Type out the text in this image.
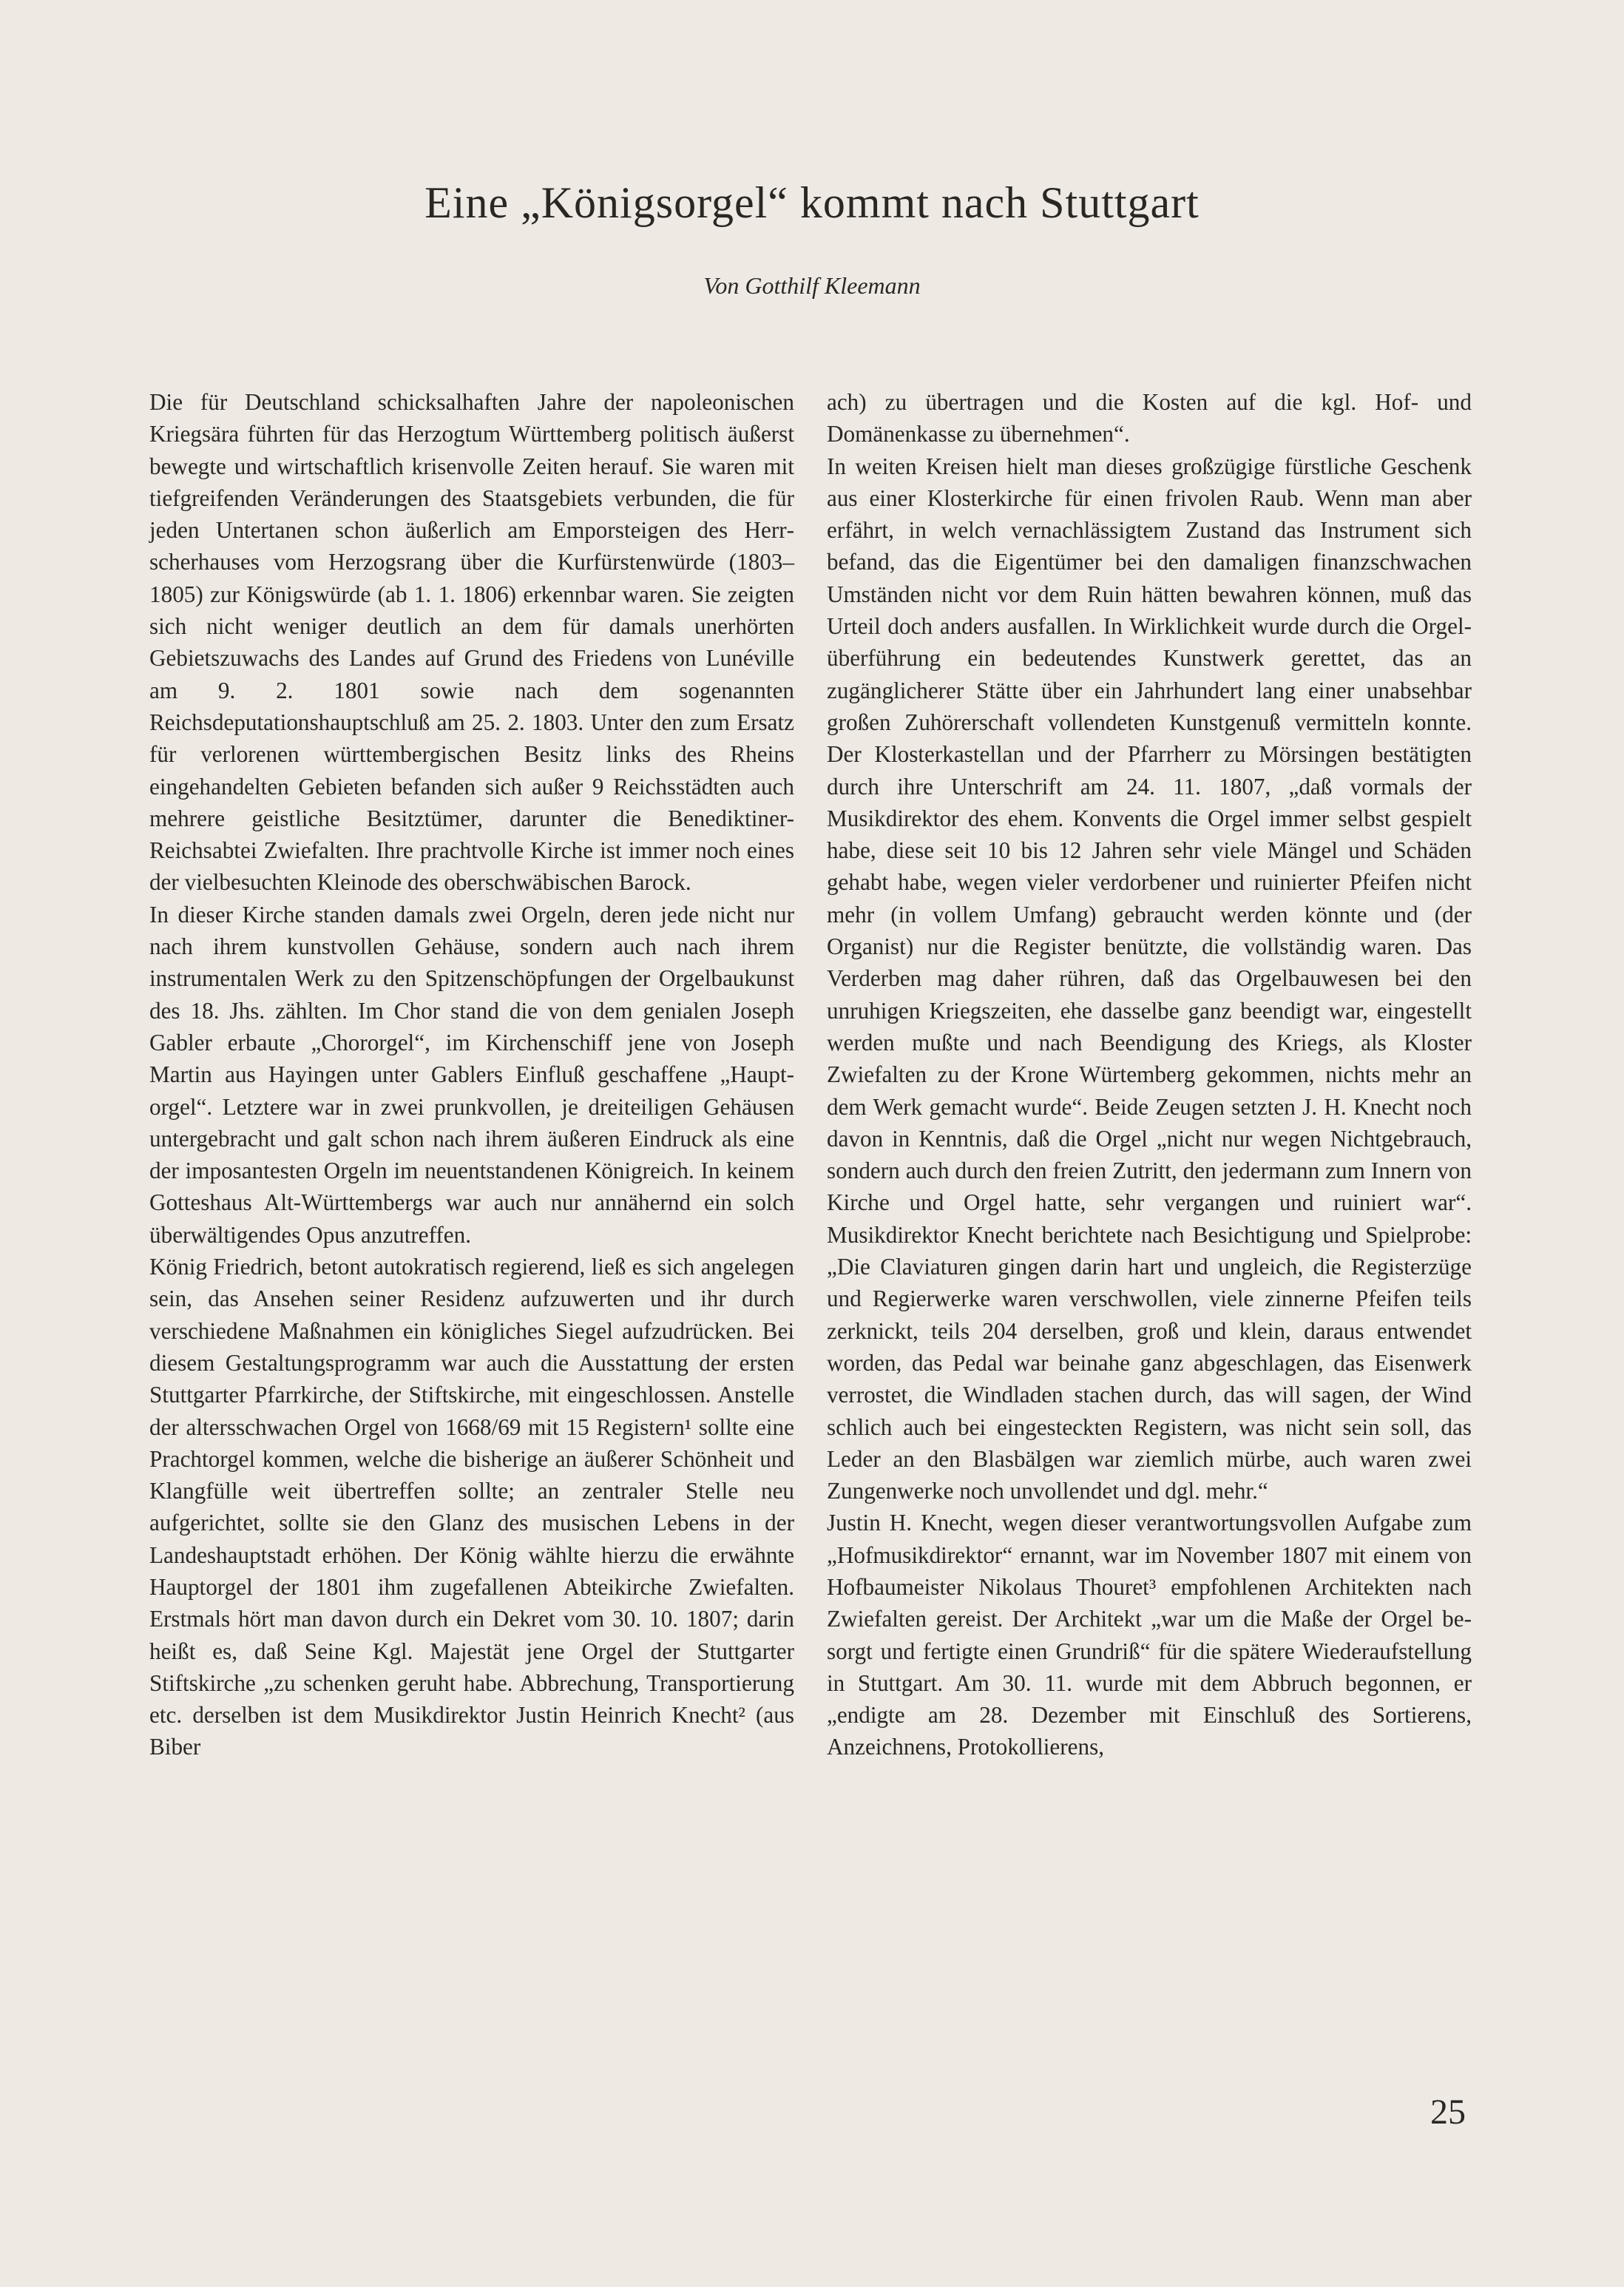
Eine „Königsorgel“ kommt nach Stuttgart
Von Gotthilf Kleemann

Die für Deutschland schicksalhaften Jahre der napoleonischen Kriegsära führten für das Herzogtum Württemberg politisch äußerst bewegte und wirtschaftlich krisenvolle Zeiten herauf. Sie waren mit tiefgreifenden Veränderungen des Staatsgebiets verbunden, die für jeden Untertanen schon äußerlich am Emporsteigen des Herrscherhauses vom Herzogsrang über die Kurfürstenwürde (1803–1805) zur Königswürde (ab 1. 1. 1806) erkennbar waren. Sie zeigten sich nicht weniger deutlich an dem für damals unerhörten Gebietszuwachs des Landes auf Grund des Friedens von Lunéville am 9. 2. 1801 sowie nach dem sogenannten Reichsdeputationshauptschluß am 25. 2. 1803. Unter den zum Ersatz für verlorenen württembergischen Besitz links des Rheins eingehandelten Gebieten befanden sich außer 9 Reichsstädten auch mehrere geistliche Besitztümer, darunter die Benediktiner-Reichsabtei Zwiefalten. Ihre prachtvolle Kirche ist immer noch eines der vielbesuchten Kleinode des oberschwäbischen Barock.

In dieser Kirche standen damals zwei Orgeln, deren jede nicht nur nach ihrem kunstvollen Gehäuse, sondern auch nach ihrem instrumentalen Werk zu den Spitzenschöpfungen der Orgelbaukunst des 18. Jhs. zählten. Im Chor stand die von dem genialen Joseph Gabler erbaute „Chororgel“, im Kirchenschiff jene von Joseph Martin aus Hayingen unter Gablers Einfluß geschaffene „Hauptorgel“. Letztere war in zwei prunkvollen, je dreiteiligen Gehäusen untergebracht und galt schon nach ihrem äußeren Eindruck als eine der imposantesten Orgeln im neuentstandenen Königreich. In keinem Gotteshaus Alt-Württembergs war auch nur annähernd ein solch überwältigendes Opus anzutreffen.

König Friedrich, betont autokratisch regierend, ließ es sich angelegen sein, das Ansehen seiner Residenz aufzuwerten und ihr durch verschiedene Maßnahmen ein königliches Siegel aufzudrücken. Bei diesem Gestaltungsprogramm war auch die Ausstattung der ersten Stuttgarter Pfarrkirche, der Stiftskirche, mit eingeschlossen. Anstelle der altersschwachen Orgel von 1668/69 mit 15 Registern¹ sollte eine Prachtorgel kommen, welche die bisherige an äußerer Schönheit und Klangfülle weit übertreffen sollte; an zentraler Stelle neu aufgerichtet, sollte sie den Glanz des musischen Lebens in der Landeshauptstadt erhöhen. Der König wählte hierzu die erwähnte Hauptorgel der 1801 ihm zugefallenen Abteikirche Zwiefalten. Erstmals hört man davon durch ein Dekret vom 30. 10. 1807; darin heißt es, daß Seine Kgl. Majestät jene Orgel der Stuttgarter Stiftskirche „zu schenken geruht habe. Abbrechung, Transportierung etc. derselben ist dem Musikdirektor Justin Heinrich Knecht² (aus Biber

ach) zu übertragen und die Kosten auf die kgl. Hof- und Domänenkasse zu übernehmen“.

In weiten Kreisen hielt man dieses großzügige fürstliche Geschenk aus einer Klosterkirche für einen frivolen Raub. Wenn man aber erfährt, in welch vernachlässigtem Zustand das Instrument sich befand, das die Eigentümer bei den damaligen finanzschwachen Umständen nicht vor dem Ruin hätten bewahren können, muß das Urteil doch anders ausfallen. In Wirklichkeit wurde durch die Orgelüberführung ein bedeutendes Kunstwerk gerettet, das an zugänglicherer Stätte über ein Jahrhundert lang einer unabsehbar großen Zuhörerschaft vollendeten Kunstgenuß vermitteln konnte. Der Klosterkastellan und der Pfarrherr zu Mörsingen bestätigten durch ihre Unterschrift am 24. 11. 1807, „daß vormals der Musikdirektor des ehem. Konvents die Orgel immer selbst gespielt habe, diese seit 10 bis 12 Jahren sehr viele Mängel und Schäden gehabt habe, wegen vieler verdorbener und ruinierter Pfeifen nicht mehr (in vollem Umfang) gebraucht werden könnte und (der Organist) nur die Register benützte, die vollständig waren. Das Verderben mag daher rühren, daß das Orgelbauwesen bei den unruhigen Kriegszeiten, ehe dasselbe ganz beendigt war, eingestellt werden mußte und nach Beendigung des Kriegs, als Kloster Zwiefalten zu der Krone Würtemberg gekommen, nichts mehr an dem Werk gemacht wurde“. Beide Zeugen setzten J. H. Knecht noch davon in Kenntnis, daß die Orgel „nicht nur wegen Nichtgebrauch, sondern auch durch den freien Zutritt, den jedermann zum Innern von Kirche und Orgel hatte, sehr vergangen und ruiniert war“. Musikdirektor Knecht berichtete nach Besichtigung und Spielprobe: „Die Claviaturen gingen darin hart und ungleich, die Registerzüge und Regierwerke waren verschwollen, viele zinnerne Pfeifen teils zerknickt, teils 204 derselben, groß und klein, daraus entwendet worden, das Pedal war beinahe ganz abgeschlagen, das Eisenwerk verrostet, die Windladen stachen durch, das will sagen, der Wind schlich auch bei eingesteckten Registern, was nicht sein soll, das Leder an den Blasbälgen war ziemlich mürbe, auch waren zwei Zungenwerke noch unvollendet und dgl. mehr.“

Justin H. Knecht, wegen dieser verantwortungsvollen Aufgabe zum „Hofmusikdirektor“ ernannt, war im November 1807 mit einem von Hofbaumeister Nikolaus Thouret³ empfohlenen Architekten nach Zwiefalten gereist. Der Architekt „war um die Maße der Orgel besorgt und fertigte einen Grundriß“ für die spätere Wiederaufstellung in Stuttgart. Am 30. 11. wurde mit dem Abbruch begonnen, er „endigte am 28. Dezember mit Einschluß des Sortierens, Anzeichnens, Protokollierens,

25
